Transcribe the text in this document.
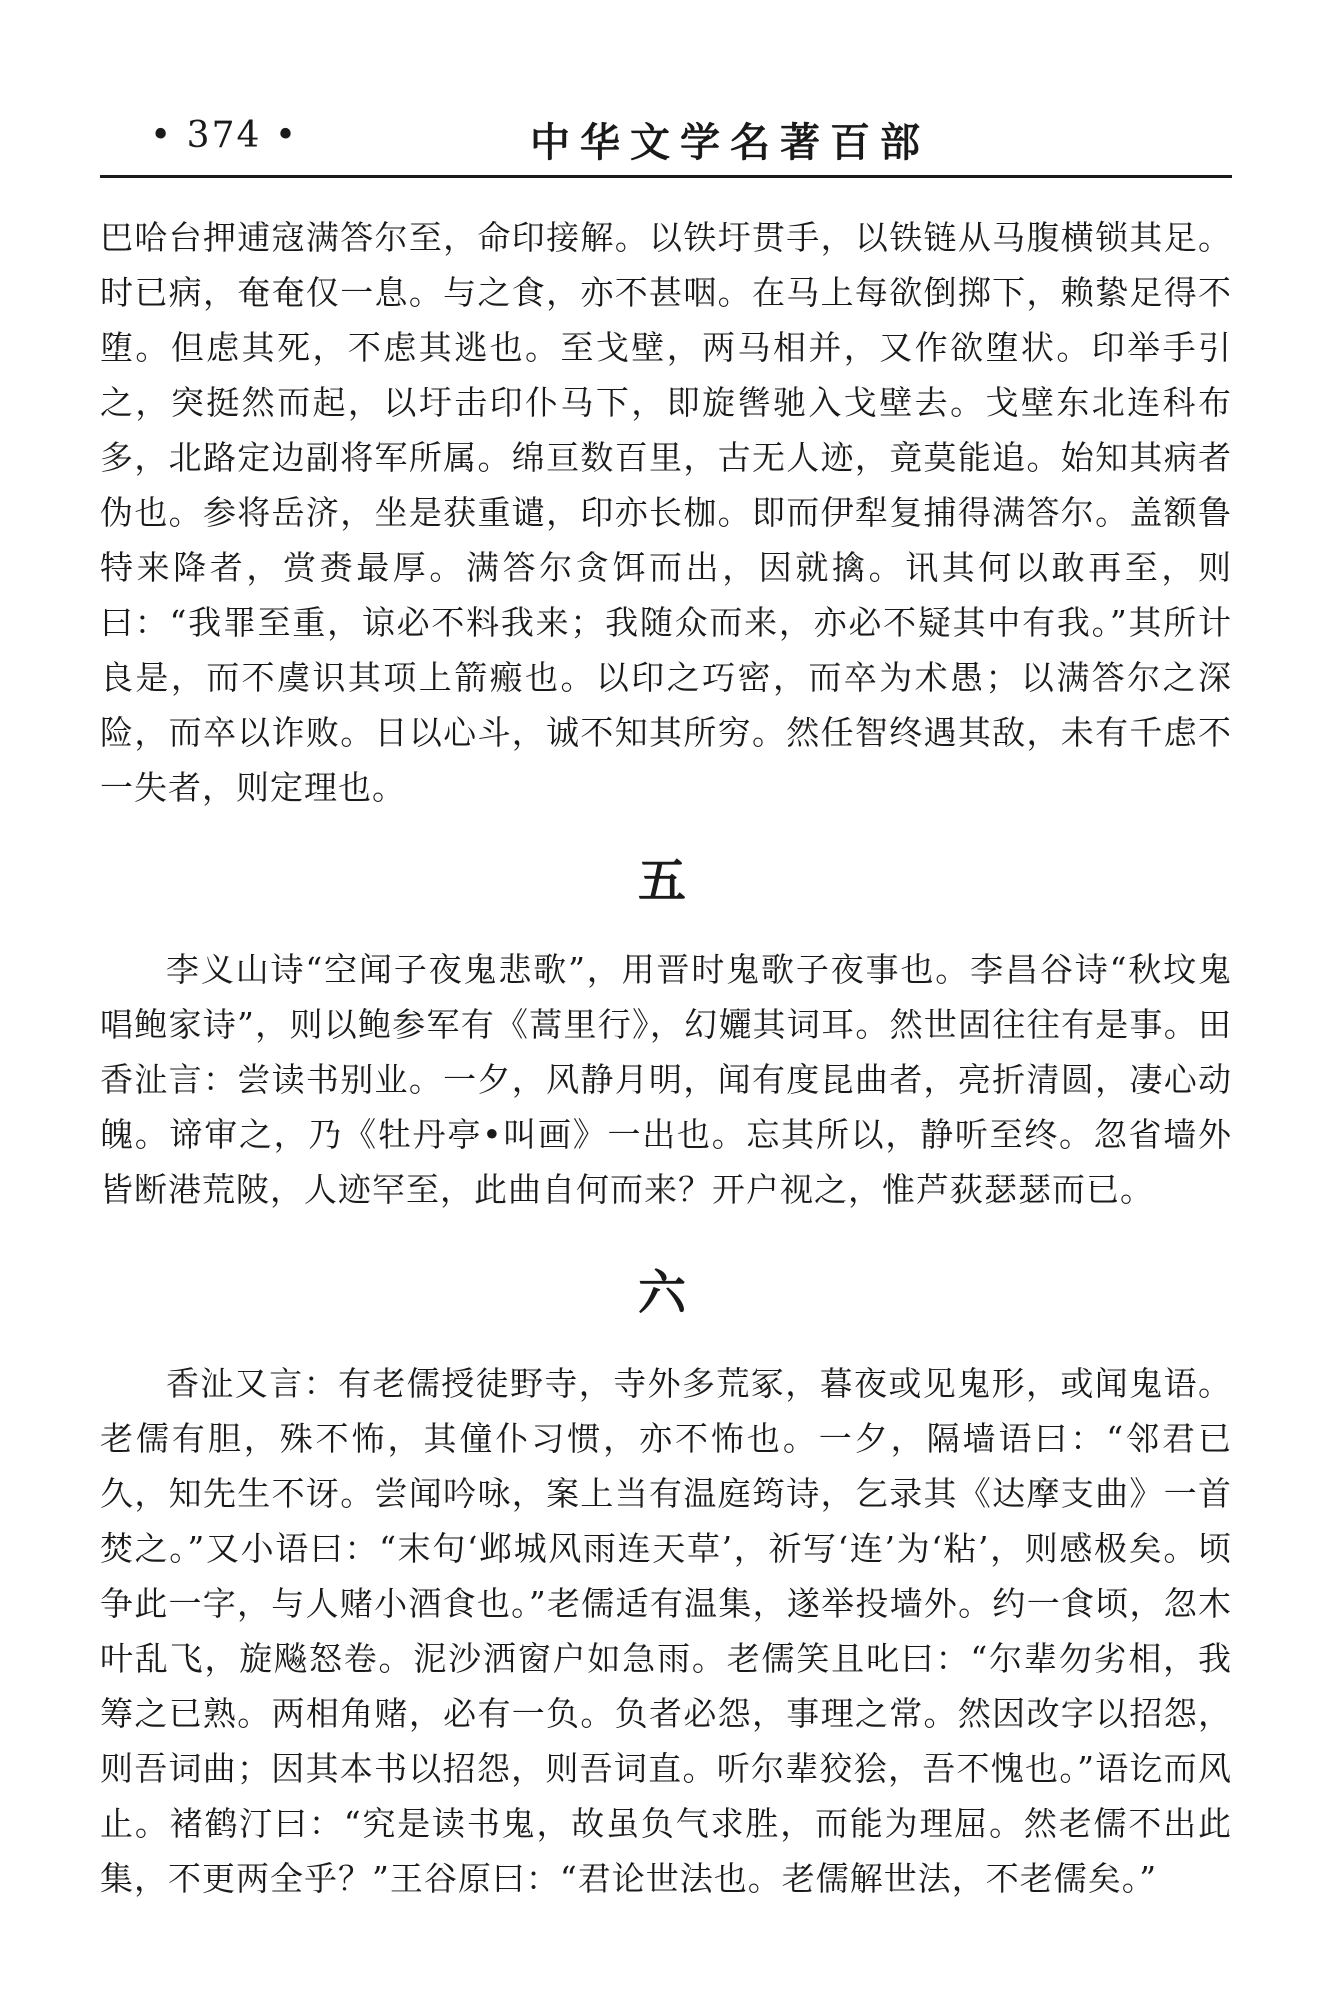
• 374 •	中华文学名著百部

巴哈台押逋寇满答尔至，命印接解。以铁圩贯手，以铁链从马腹横锁其足。时已病，奄奄仅一息。与之食，亦不甚咽。在马上每欲倒掷下，赖絷足得不堕。但虑其死，不虑其逃也。至戈壁，两马相并，又作欲堕状。印举手引之，突挺然而起，以圩击印仆马下，即旋辔驰入戈壁去。戈壁东北连科布多，北路定边副将军所属。绵亘数百里，古无人迹，竟莫能追。始知其病者伪也。参将岳济，坐是获重谴，印亦长枷。即而伊犁复捕得满答尔。盖额鲁特来降者，赏赉最厚。满答尔贪饵而出，因就擒。讯其何以敢再至，则曰：“我罪至重，谅必不料我来；我随众而来，亦必不疑其中有我。”其所计良是，而不虞识其项上箭瘢也。以印之巧密，而卒为术愚；以满答尔之深险，而卒以诈败。日以心斗，诚不知其所穷。然任智终遇其敌，未有千虑不一失者，则定理也。

五

李义山诗“空闻子夜鬼悲歌”，用晋时鬼歌子夜事也。李昌谷诗“秋坟鬼唱鲍家诗”，则以鲍参军有《蒿里行》，幻孋其词耳。然世固往往有是事。田香沚言：尝读书别业。一夕，风静月明，闻有度昆曲者，亮折清圆，凄心动魄。谛审之，乃《牡丹亭•叫画》一出也。忘其所以，静听至终。忽省墙外皆断港荒陂，人迹罕至，此曲自何而来？开户视之，惟芦荻瑟瑟而已。

六

香沚又言：有老儒授徒野寺，寺外多荒冢，暮夜或见鬼形，或闻鬼语。老儒有胆，殊不怖，其僮仆习惯，亦不怖也。一夕，隔墙语曰：“邻君已久，知先生不讶。尝闻吟咏，案上当有温庭筠诗，乞录其《达摩支曲》一首焚之。”又小语曰：“末句‘邺城风雨连天草’，祈写‘连’为‘粘’，则感极矣。顷争此一字，与人赌小酒食也。”老儒适有温集，遂举投墙外。约一食顷，忽木叶乱飞，旋飚怒卷。泥沙洒窗户如急雨。老儒笑且叱曰：“尔辈勿劣相，我筹之已熟。两相角赌，必有一负。负者必怨，事理之常。然因改字以招怨，则吾词曲；因其本书以招怨，则吾词直。听尔辈狡狯，吾不愧也。”语讫而风止。褚鹤汀曰：“究是读书鬼，故虽负气求胜，而能为理屈。然老儒不出此集，不更两全乎？”王谷原曰：“君论世法也。老儒解世法，不老儒矣。”
